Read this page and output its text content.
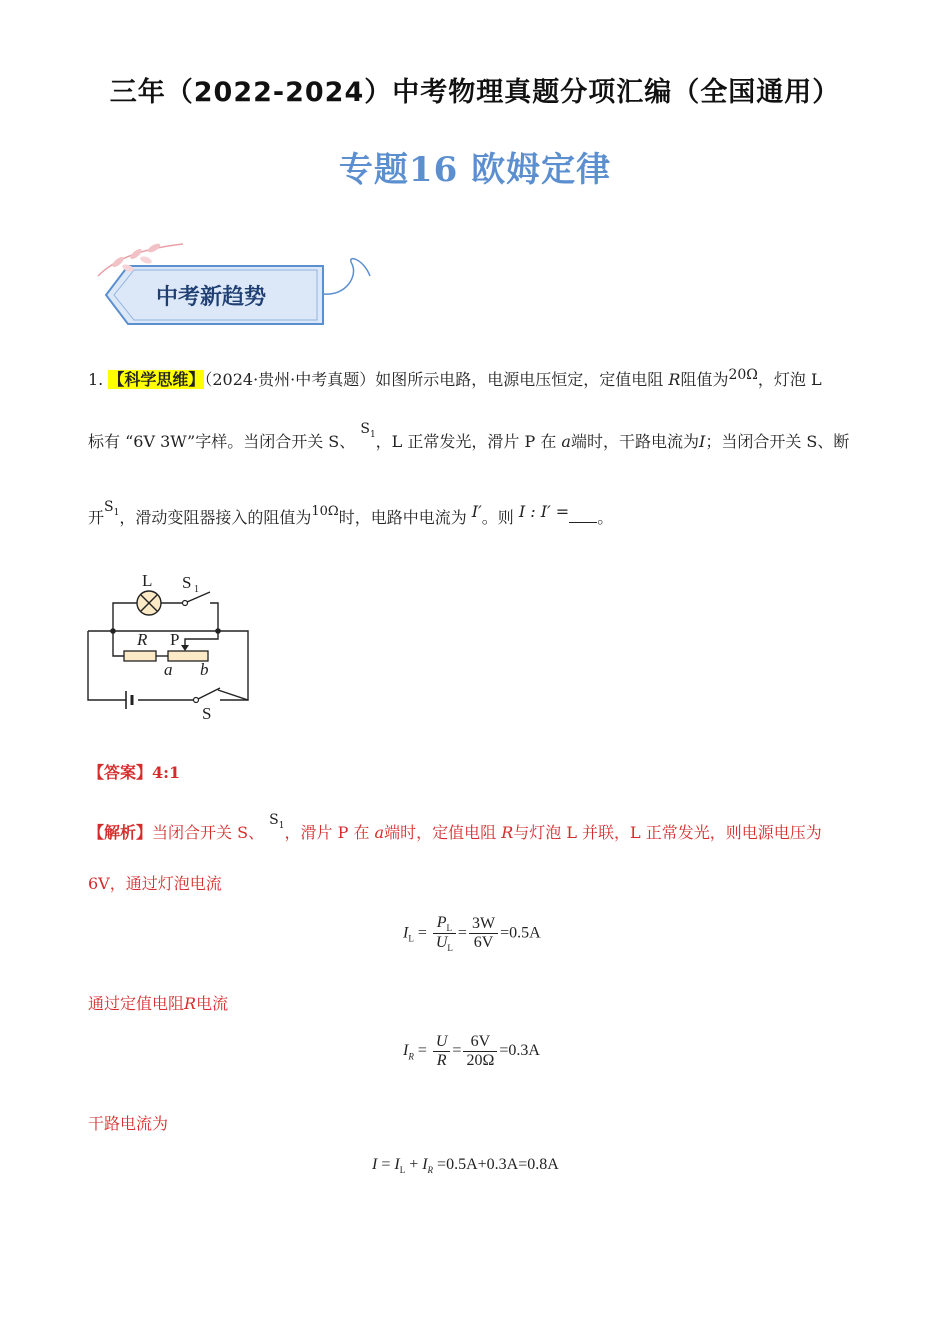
三年（2022-2024）中考物理真题分项汇编（全国通用）
专题16 欧姆定律
中考新趋势
1. 【科学思维】（2024·贵州·中考真题）如图所示电路，电源电压恒定，定值电阻 R阻值为20Ω，灯泡 L
标有 “6V 3W”字样。当闭合开关 S、 $S_1$，L 正常发光，滑片 P 在 a端时，干路电流为I；当闭合开关 S、断
开$S_1$，滑动变阻器接入的阻值为$^{10\Omega}$时，电路中电流为 I′。则 I : I′ = 。
L S 1
R P
a b
S
【答案】4:1
【解析】当闭合开关 S、 $S_1$，滑片 P 在 a端时，定值电阻 R与灯泡 L 并联，L 正常发光，则电源电压为
6V，通过灯泡电流
$I_L = \frac{P_L}{U_L} = \frac{3W}{6V} =0.5A$
通过定值电阻R电流
$I_R = \frac{U}{R} = \frac{6V}{20\Omega} =0.3A$
干路电流为
$I = I_L + I_R =0.5A+0.3A=0.8A$
